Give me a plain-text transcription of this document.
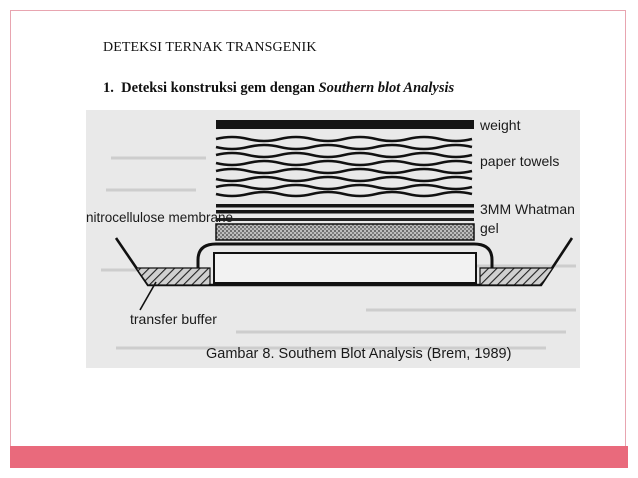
DETEKSI TERNAK TRANSGENIK
1. Deteksi konstruksi gem dengan Southern blot Analysis
weight
paper towels
3MM Whatman
gel
nitrocellulose membrane
transfer buffer
Gambar 8. Southem Blot Analysis (Brem, 1989)
